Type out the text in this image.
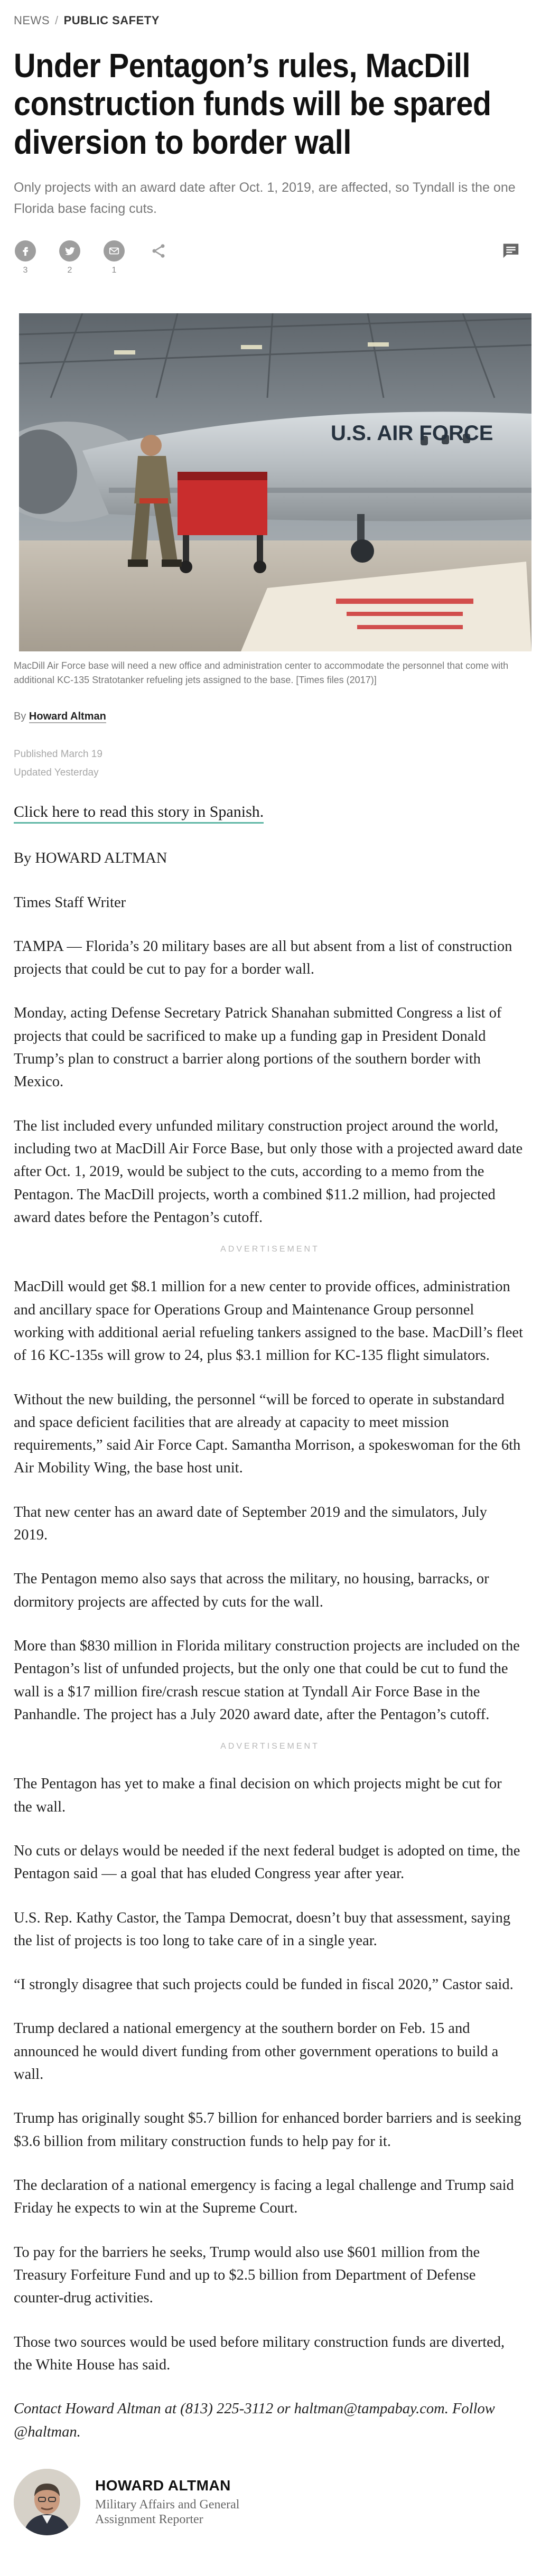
NEWS / PUBLIC SAFETY
Under Pentagon’s rules, MacDill construction funds will be spared diversion to border wall
Only projects with an award date after Oct. 1, 2019, are affected, so Tyndall is the one Florida base facing cuts.
3	2	1
U.S. AIR FORCE
MacDill Air Force base will need a new office and administration center to accommodate the personnel that come with additional KC-135 Stratotanker refueling jets assigned to the base. [Times files (2017)]
By Howard Altman
Published March 19
Updated Yesterday
Click here to read this story in Spanish.

By HOWARD ALTMAN

Times Staff Writer

TAMPA — Florida’s 20 military bases are all but absent from a list of construction projects that could be cut to pay for a border wall.

Monday, acting Defense Secretary Patrick Shanahan submitted Congress a list of projects that could be sacrificed to make up a funding gap in President Donald Trump’s plan to construct a barrier along portions of the southern border with Mexico.

The list included every unfunded military construction project around the world, including two at MacDill Air Force Base, but only those with a projected award date after Oct. 1, 2019, would be subject to the cuts, according to a memo from the Pentagon. The MacDill projects, worth a combined $11.2 million, had projected award dates before the Pentagon’s cutoff.

ADVERTISEMENT

MacDill would get $8.1 million for a new center to provide offices, administration and ancillary space for Operations Group and Maintenance Group personnel working with additional aerial refueling tankers assigned to the base. MacDill’s fleet of 16 KC-135s will grow to 24, plus $3.1 million for KC-135 flight simulators.

Without the new building, the personnel “will be forced to operate in substandard and space deficient facilities that are already at capacity to meet mission requirements,” said Air Force Capt. Samantha Morrison, a spokeswoman for the 6th Air Mobility Wing, the base host unit.

That new center has an award date of September 2019 and the simulators, July 2019.

The Pentagon memo also says that across the military, no housing, barracks, or dormitory projects are affected by cuts for the wall.

More than $830 million in Florida military construction projects are included on the Pentagon’s list of unfunded projects, but the only one that could be cut to fund the wall is a $17 million fire/crash rescue station at Tyndall Air Force Base in the Panhandle. The project has a July 2020 award date, after the Pentagon’s cutoff.

ADVERTISEMENT

The Pentagon has yet to make a final decision on which projects might be cut for the wall.

No cuts or delays would be needed if the next federal budget is adopted on time, the Pentagon said — a goal that has eluded Congress year after year.

U.S. Rep. Kathy Castor, the Tampa Democrat, doesn’t buy that assessment, saying the list of projects is too long to take care of in a single year.

“I strongly disagree that such projects could be funded in fiscal 2020,” Castor said.

Trump declared a national emergency at the southern border on Feb. 15 and announced he would divert funding from other government operations to build a wall.

Trump has originally sought $5.7 billion for enhanced border barriers and is seeking $3.6 billion from military construction funds to help pay for it.

The declaration of a national emergency is facing a legal challenge and Trump said Friday he expects to win at the Supreme Court.

To pay for the barriers he seeks, Trump would also use $601 million from the Treasury Forfeiture Fund and up to $2.5 billion from Department of Defense counter-drug activities.

Those two sources would be used before military construction funds are diverted, the White House has said.

Contact Howard Altman at (813) 225-3112 or haltman@tampabay.com. Follow @haltman.

HOWARD ALTMAN
Military Affairs and General Assignment Reporter
